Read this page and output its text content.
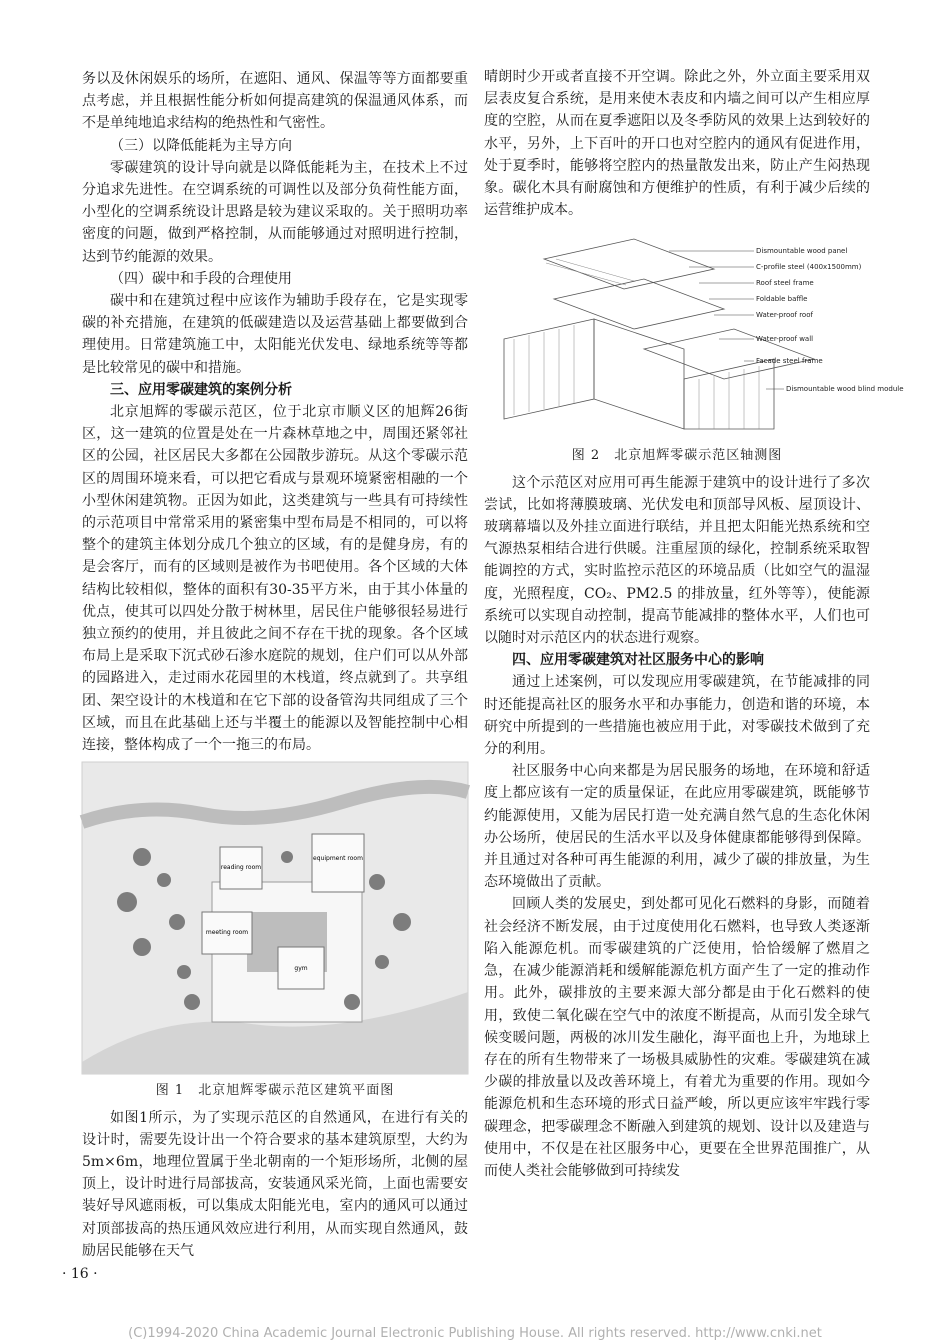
务以及休闲娱乐的场所，在遮阳、通风、保温等等方面都要重点考虑，并且根据性能分析如何提高建筑的保温通风体系，而不是单纯地追求结构的绝热性和气密性。

（三）以降低能耗为主导方向

零碳建筑的设计导向就是以降低能耗为主，在技术上不过分追求先进性。在空调系统的可调性以及部分负荷性能方面，小型化的空调系统设计思路是较为建议采取的。关于照明功率密度的问题，做到严格控制，从而能够通过对照明进行控制，达到节约能源的效果。

（四）碳中和手段的合理使用

碳中和在建筑过程中应该作为辅助手段存在，它是实现零碳的补充措施，在建筑的低碳建造以及运营基础上都要做到合理使用。日常建筑施工中，太阳能光伏发电、绿地系统等等都是比较常见的碳中和措施。

三、应用零碳建筑的案例分析

北京旭辉的零碳示范区，位于北京市顺义区的旭辉26街区，这一建筑的位置是处在一片森林草地之中，周围还紧邻社区的公园，社区居民大多都在公园散步游玩。从这个零碳示范区的周围环境来看，可以把它看成与景观环境紧密相融的一个小型休闲建筑物。正因为如此，这类建筑与一些具有可持续性的示范项目中常常采用的紧密集中型布局是不相同的，可以将整个的建筑主体划分成几个独立的区域，有的是健身房，有的是会客厅，而有的区域则是被作为书吧使用。各个区域的大体结构比较相似，整体的面积有30-35平方米，由于其小体量的优点，使其可以四处分散于树林里，居民住户能够很轻易进行独立预约的使用，并且彼此之间不存在干扰的现象。各个区域布局上是采取下沉式砂石渗水庭院的规划，住户们可以从外部的园路进入，走过雨水花园里的木栈道，终点就到了。共享组团、架空设计的木栈道和在它下部的设备管沟共同组成了三个区域，而且在此基础上还与半覆土的能源以及智能控制中心相连接，整体构成了一个一拖三的布局。

equipment room
meeting room
reading room
gym
图 1　北京旭辉零碳示范区建筑平面图

如图1所示，为了实现示范区的自然通风，在进行有关的设计时，需要先设计出一个符合要求的基本建筑原型，大约为5m×6m，地理位置属于坐北朝南的一个矩形场所，北侧的屋顶上，设计时进行局部拔高，安装通风采光筒，上面也需要安装好导风遮雨板，可以集成太阳能光电，室内的通风可以通过对顶部拔高的热压通风效应进行利用，从而实现自然通风，鼓励居民能够在天气

晴朗时少开或者直接不开空调。除此之外，外立面主要采用双层表皮复合系统，是用来使木表皮和内墙之间可以产生相应厚度的空腔，从而在夏季遮阳以及冬季防风的效果上达到较好的水平，另外，上下百叶的开口也对空腔内的通风有促进作用，处于夏季时，能够将空腔内的热量散发出来，防止产生闷热现象。碳化木具有耐腐蚀和方便维护的性质，有利于减少后续的运营维护成本。

Dismountable wood panel
C-profile steel (400x1500mm)
Roof steel frame
Foldable baffle
Water-proof roof
Water-proof wall
Facade steel frame
Dismountable wood blind module
图 2　北京旭辉零碳示范区轴测图

这个示范区对应用可再生能源于建筑中的设计进行了多次尝试，比如将薄膜玻璃、光伏发电和顶部导风板、屋顶设计、玻璃幕墙以及外挂立面进行联结，并且把太阳能光热系统和空气源热泵相结合进行供暖。注重屋顶的绿化，控制系统采取智能调控的方式，实时监控示范区的环境品质（比如空气的温湿度，光照程度，CO₂、PM2.5 的排放量，红外等等），使能源系统可以实现自动控制，提高节能减排的整体水平，人们也可以随时对示范区内的状态进行观察。

四、应用零碳建筑对社区服务中心的影响

通过上述案例，可以发现应用零碳建筑，在节能减排的同时还能提高社区的服务水平和办事能力，创造和谐的环境，本研究中所提到的一些措施也被应用于此，对零碳技术做到了充分的利用。

社区服务中心向来都是为居民服务的场地，在环境和舒适度上都应该有一定的质量保证，在此应用零碳建筑，既能够节约能源使用，又能为居民打造一处充满自然气息的生态化休闲办公场所，使居民的生活水平以及身体健康都能够得到保障。并且通过对各种可再生能源的利用，减少了碳的排放量，为生态环境做出了贡献。

回顾人类的发展史，到处都可见化石燃料的身影，而随着社会经济不断发展，由于过度使用化石燃料，也导致人类逐渐陷入能源危机。而零碳建筑的广泛使用，恰恰缓解了燃眉之急，在减少能源消耗和缓解能源危机方面产生了一定的推动作用。此外，碳排放的主要来源大部分都是由于化石燃料的使用，致使二氧化碳在空气中的浓度不断提高，从而引发全球气候变暖问题，两极的冰川发生融化，海平面也上升，为地球上存在的所有生物带来了一场极具威胁性的灾难。零碳建筑在减少碳的排放量以及改善环境上，有着尤为重要的作用。现如今能源危机和生态环境的形式日益严峻，所以更应该牢牢践行零碳理念，把零碳理念不断融入到建筑的规划、设计以及建造与使用中，不仅是在社区服务中心，更要在全世界范围推广，从而使人类社会能够做到可持续发

· 16 ·
(C)1994-2020 China Academic Journal Electronic Publishing House. All rights reserved. http://www.cnki.net
